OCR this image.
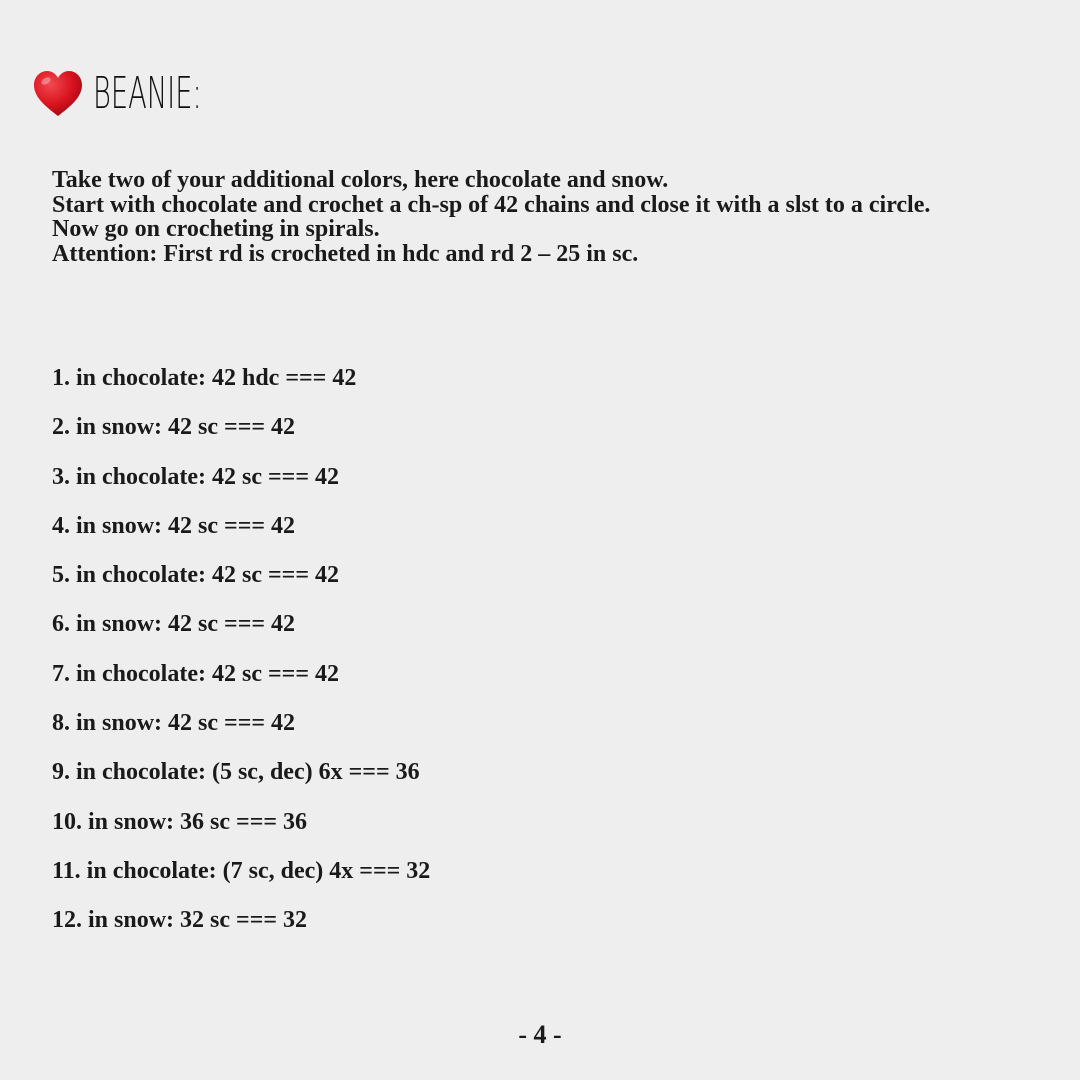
BEANIE:

Take two of your additional colors, here chocolate and snow.

Start with chocolate and crochet a ch-sp of 42 chains and close it with a slst to a circle.

Now go on crocheting in spirals.

Attention: First rd is crocheted in hdc and rd 2 – 25 in sc.

1. in chocolate: 42 hdc === 42
2. in snow: 42 sc === 42
3. in chocolate: 42 sc === 42
4. in snow: 42 sc === 42
5. in chocolate: 42 sc === 42
6. in snow: 42 sc === 42
7. in chocolate: 42 sc === 42
8. in snow: 42 sc === 42
9. in chocolate: (5 sc, dec) 6x === 36
10. in snow: 36 sc === 36
11. in chocolate: (7 sc, dec) 4x === 32
12. in snow: 32 sc === 32
- 4 -
